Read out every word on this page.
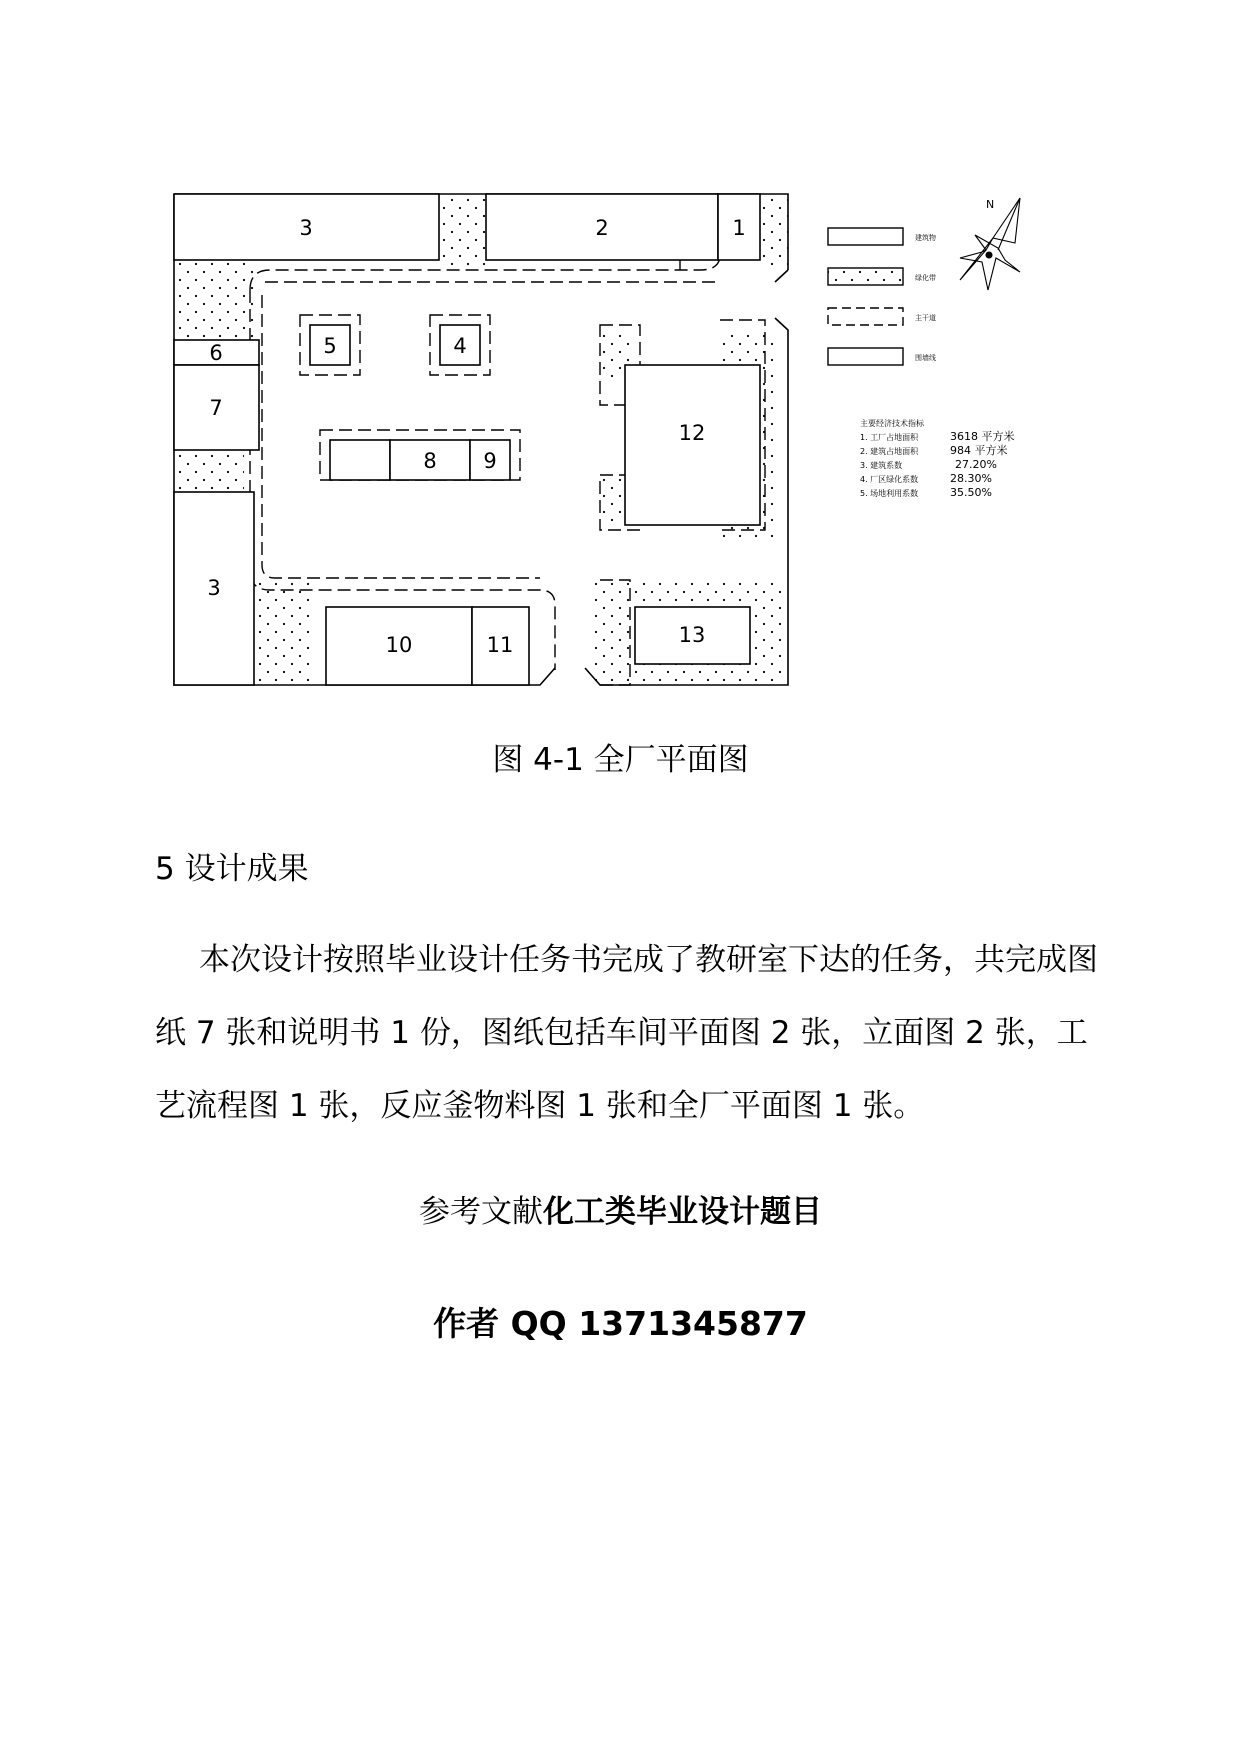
3	2	1
6
7
5	4
12
8 9
3
10	11	13
建筑物
绿化带
主干道
围墙线
N
主要经济技术指标
1. 工厂占地面积	3618 平方米
2. 建筑占地面积	984 平方米
3. 建筑系数	27.20%
4. 厂区绿化系数	28.30%
5. 场地利用系数	35.50%
图 4-1 全厂平面图
5 设计成果

本次设计按照毕业设计任务书完成了教研室下达的任务，共完成图纸 7 张和说明书 1 份，图纸包括车间平面图 2 张，立面图 2 张，工艺流程图 1 张，反应釜物料图 1 张和全厂平面图 1 张。

参考文献化工类毕业设计题目
作者 QQ 1371345877
